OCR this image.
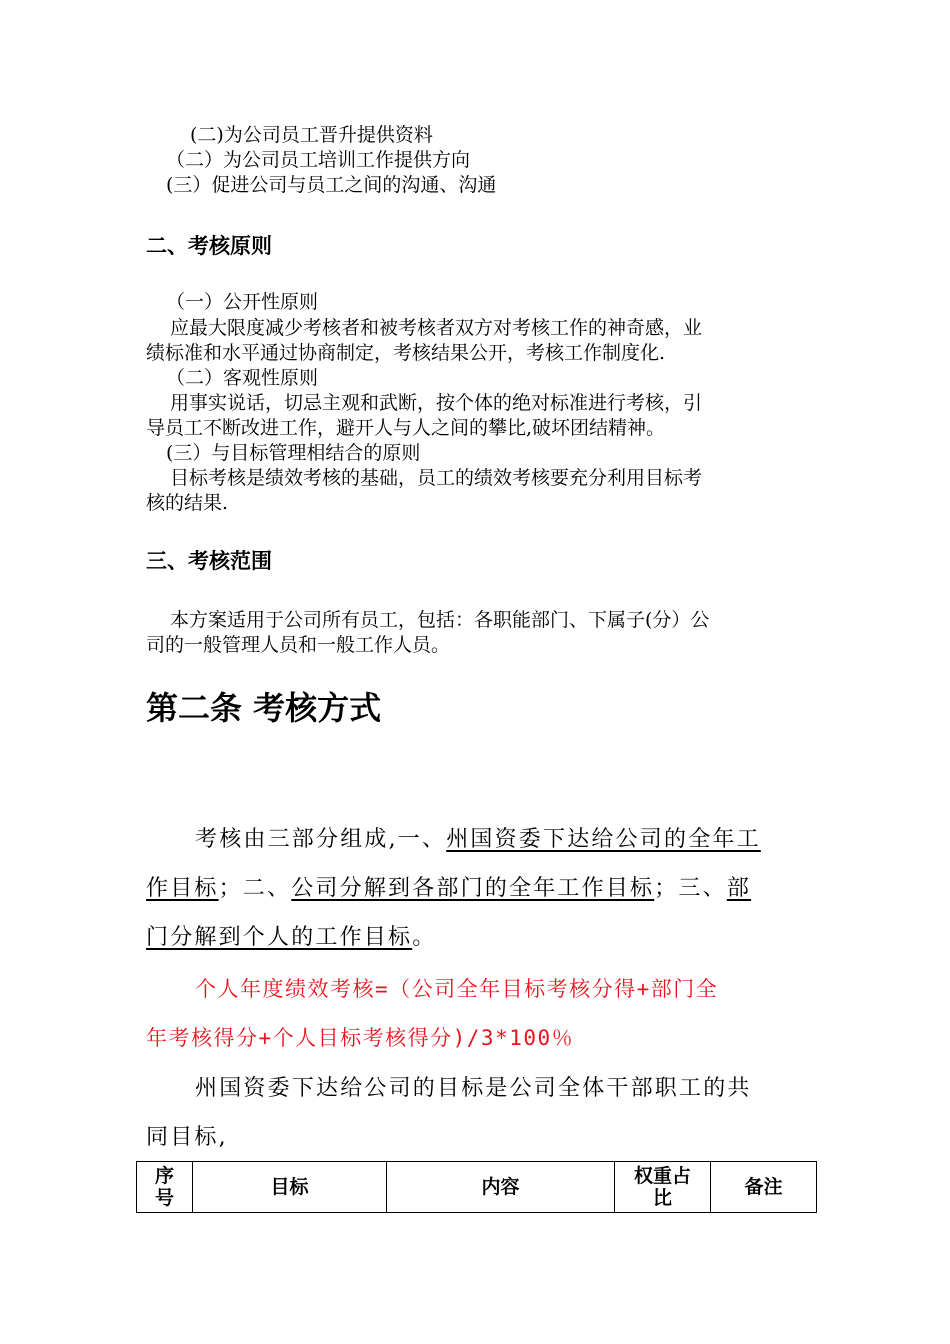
(二)为公司员工晋升提供资料
（二）为公司员工培训工作提供方向
(三）促进公司与员工之间的沟通、沟通
二、考核原则
（一）公开性原则
应最大限度减少考核者和被考核者双方对考核工作的神奇感，业
绩标准和水平通过协商制定，考核结果公开，考核工作制度化.
（二）客观性原则
用事实说话，切忌主观和武断，按个体的绝对标准进行考核，引
导员工不断改进工作，避开人与人之间的攀比,破坏团结精神。
(三）与目标管理相结合的原则
目标考核是绩效考核的基础，员工的绩效考核要充分利用目标考
核的结果.
三、考核范围
本方案适用于公司所有员工，包括：各职能部门、下属子(分）公
司的一般管理人员和一般工作人员。
第二条 考核方式
考核由三部分组成,一、州国资委下达给公司的全年工
作目标；二、公司分解到各部门的全年工作目标；三、部
门分解到个人的工作目标。
个人年度绩效考核=（公司全年目标考核分得+部门全
年考核得分+个人目标考核得分)/3*100％
州国资委下达给公司的目标是公司全体干部职工的共
同目标,
序号	目标	内容	权重占比	备注
